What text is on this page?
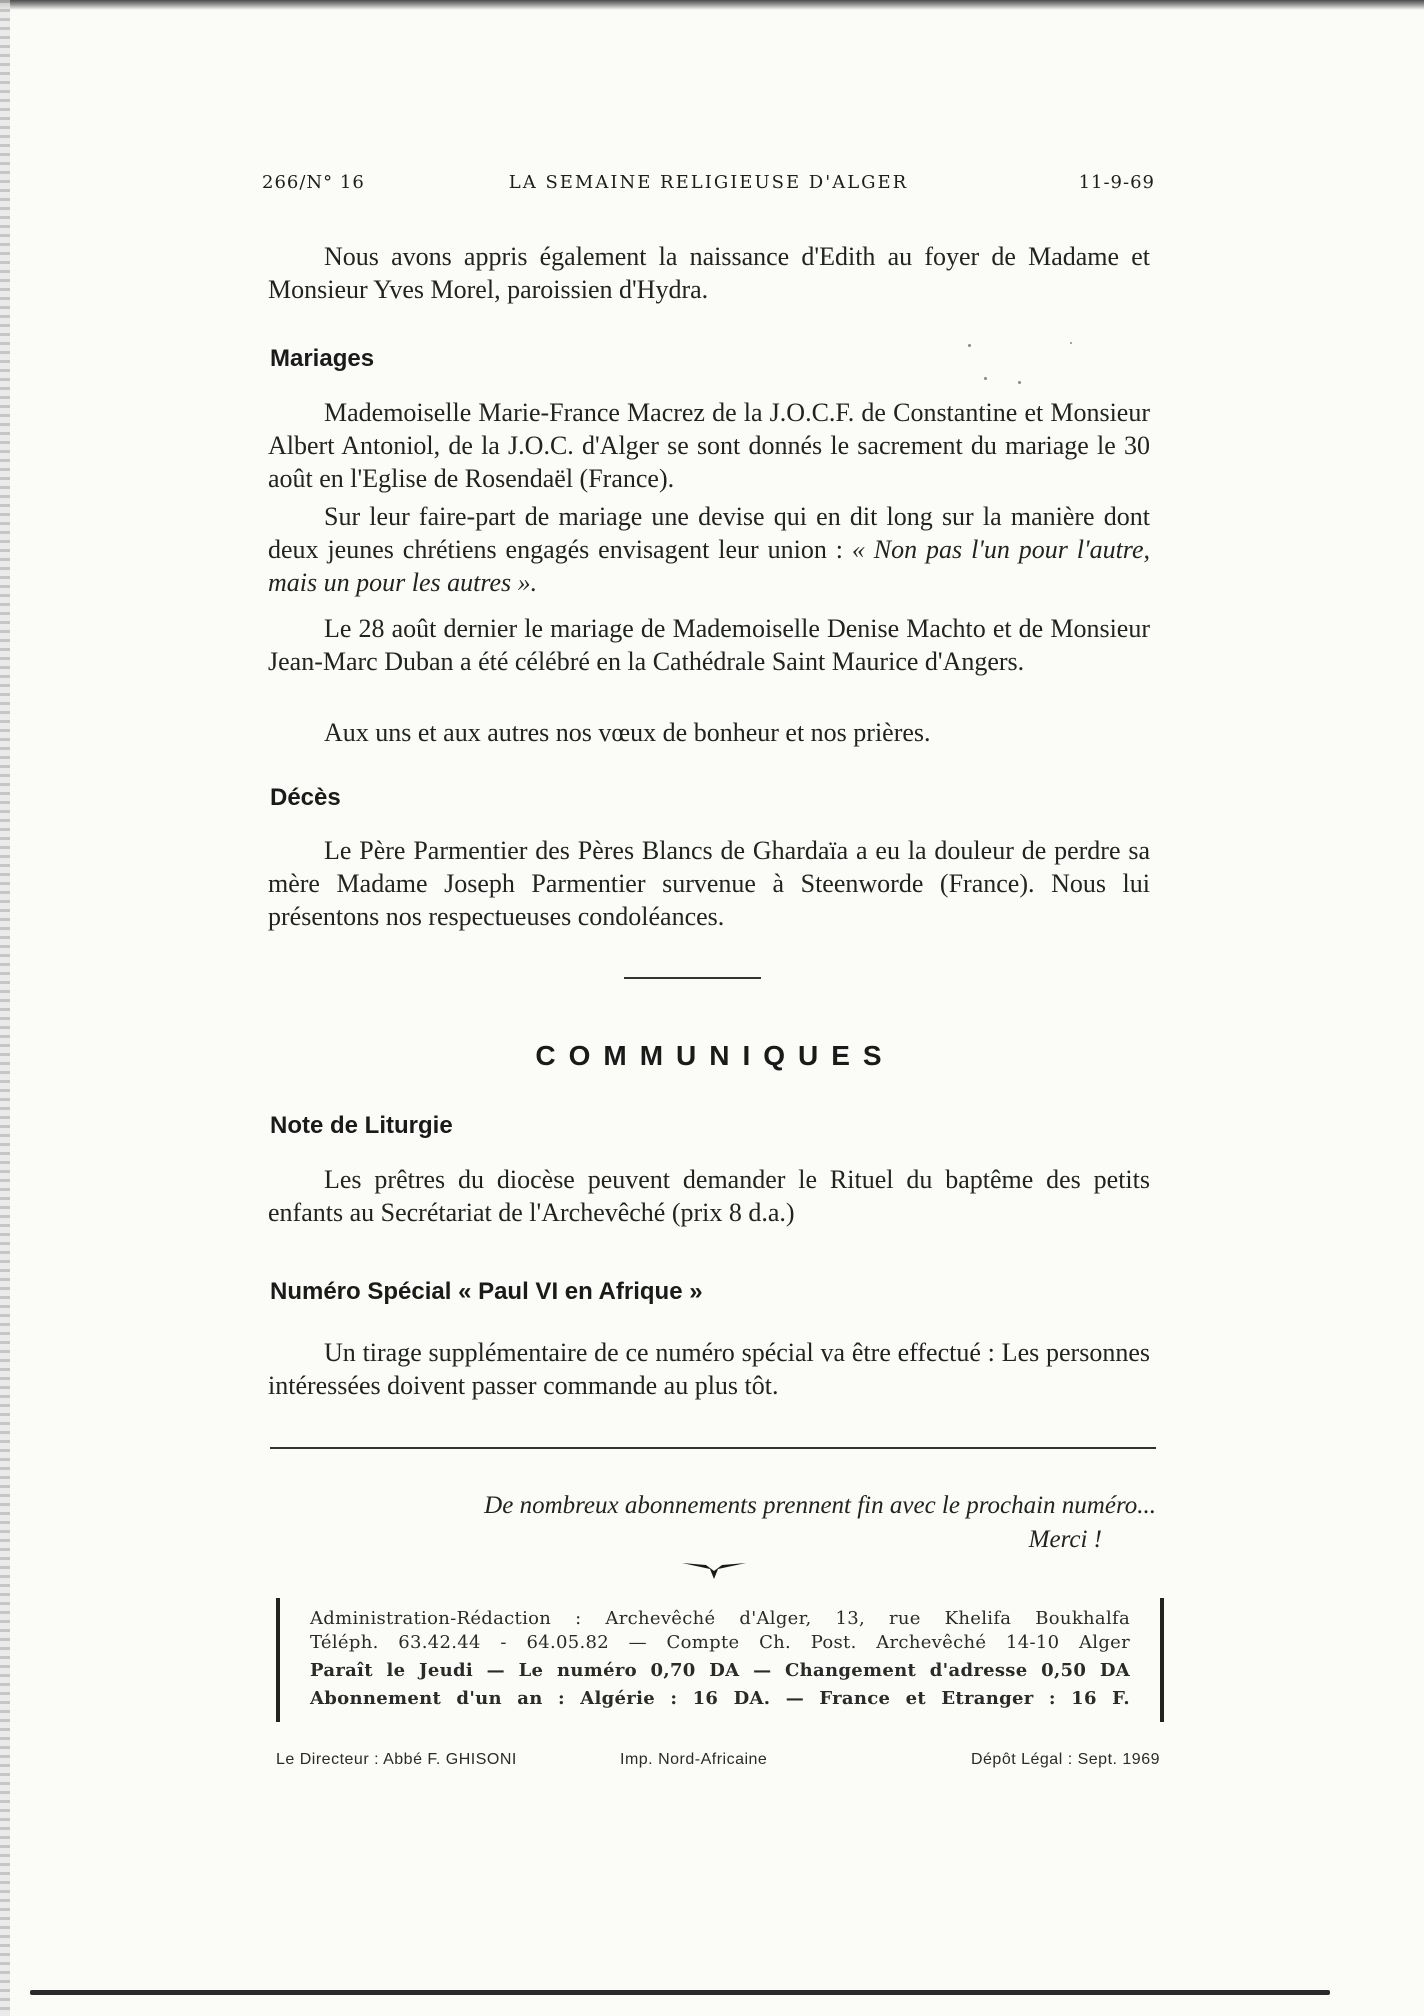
LA SEMAINE RELIGIEUSE D'ALGER
266/N° 16	11-9-69

Nous avons appris également la naissance d'Edith au foyer de Madame et Monsieur Yves Morel, paroissien d'Hydra.

Mariages

Mademoiselle Marie-France Macrez de la J.O.C.F. de Constantine et Monsieur Albert Antoniol, de la J.O.C. d'Alger se sont donnés le sacrement du mariage le 30 août en l'Eglise de Rosendaël (France).

Sur leur faire-part de mariage une devise qui en dit long sur la manière dont deux jeunes chrétiens engagés envisagent leur union : « Non pas l'un pour l'autre, mais un pour les autres ».

Le 28 août dernier le mariage de Mademoiselle Denise Machto et de Monsieur Jean-Marc Duban a été célébré en la Cathédrale Saint Maurice d'Angers.

Aux uns et aux autres nos vœux de bonheur et nos prières.

Décès

Le Père Parmentier des Pères Blancs de Ghardaïa a eu la douleur de perdre sa mère Madame Joseph Parmentier survenue à Steenworde (France). Nous lui présentons nos respectueuses condoléances.

COMMUNIQUES
Note de Liturgie

Les prêtres du diocèse peuvent demander le Rituel du baptême des petits enfants au Secrétariat de l'Archevêché (prix 8 d.a.)

Numéro Spécial « Paul VI en Afrique »

Un tirage supplémentaire de ce numéro spécial va être effectué : Les personnes intéressées doivent passer commande au plus tôt.

De nombreux abonnements prennent fin avec le prochain numéro...

Merci !

Administration-Rédaction : Archevêché d'Alger, 13, rue Khelifa Boukhalfa

Téléph. 63.42.44 - 64.05.82 — Compte Ch. Post. Archevêché 14-10 Alger

Paraît le Jeudi — Le numéro 0,70 DA — Changement d'adresse 0,50 DA

Abonnement d'un an : Algérie : 16 DA. — France et Etranger : 16 F.

Le Directeur : Abbé F. GHISONI	Imp. Nord-Africaine	Dépôt Légal : Sept. 1969
